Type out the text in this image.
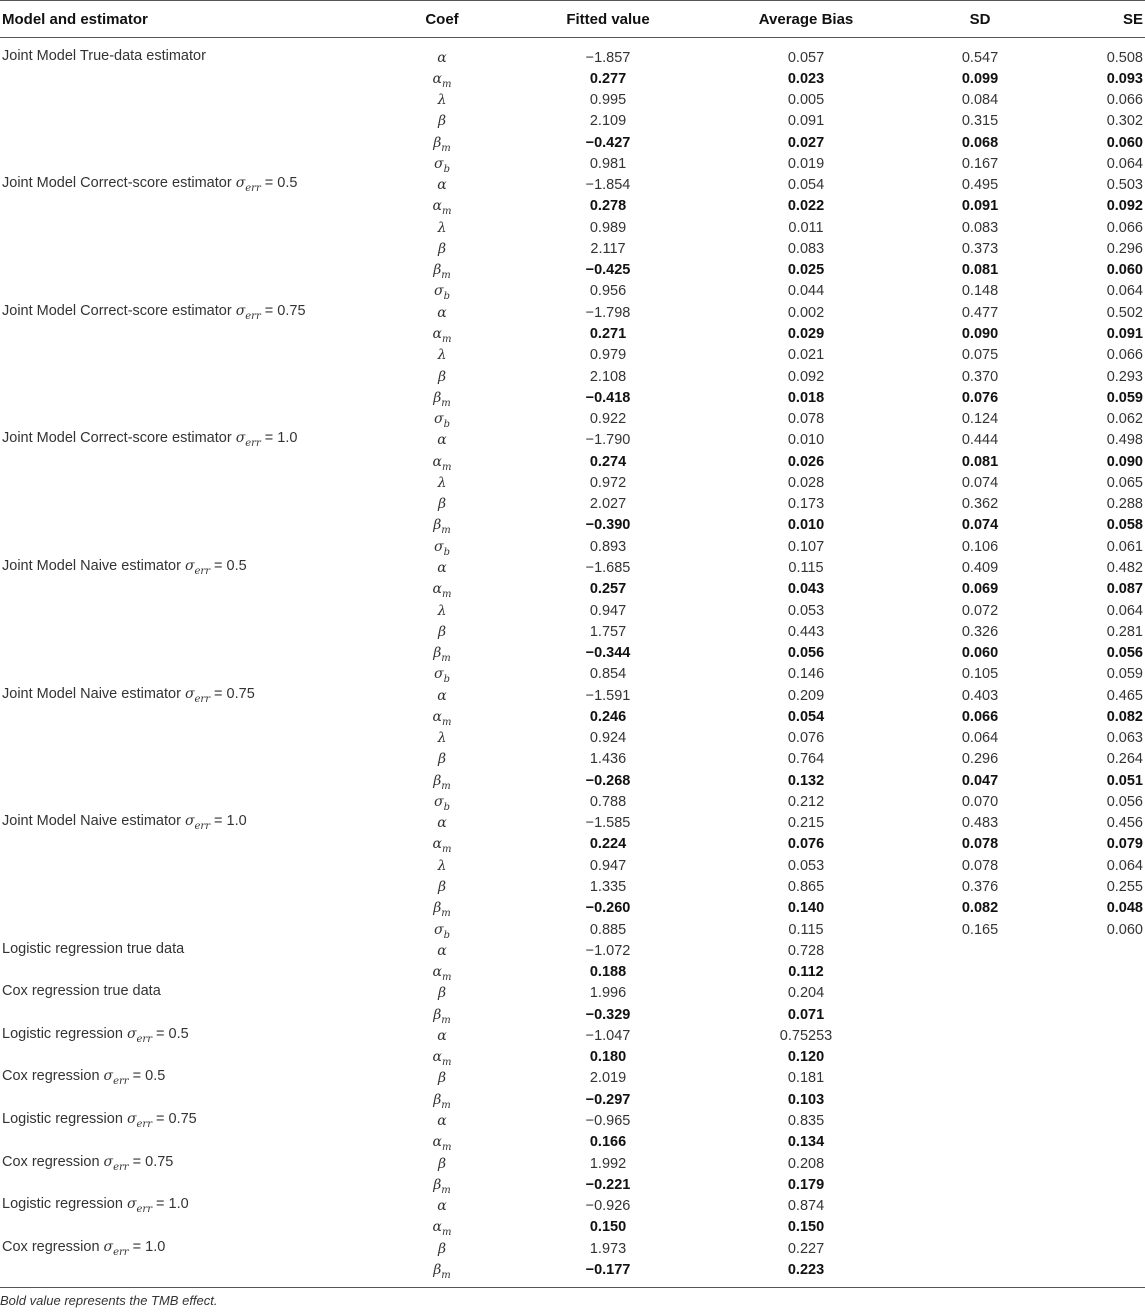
Model and estimator	Coef	Fitted value	Average Bias	SD	SE
Joint Model True-data estimator	α	−1.857	0.057	0.547	0.508
$\alpha_m$	0.277	0.023	0.099	0.093
λ	0.995	0.005	0.084	0.066
β	2.109	0.091	0.315	0.302
$\beta_m$	−0.427	0.027	0.068	0.060
$\sigma_b$	0.981	0.019	0.167	0.064
Joint Model Correct-score estimator $\sigma_{err} = 0.5$	α	−1.854	0.054	0.495	0.503
$\alpha_m$	0.278	0.022	0.091	0.092
λ	0.989	0.011	0.083	0.066
β	2.117	0.083	0.373	0.296
$\beta_m$	−0.425	0.025	0.081	0.060
$\sigma_b$	0.956	0.044	0.148	0.064
Joint Model Correct-score estimator $\sigma_{err} = 0.75$	α	−1.798	0.002	0.477	0.502
$\alpha_m$	0.271	0.029	0.090	0.091
λ	0.979	0.021	0.075	0.066
β	2.108	0.092	0.370	0.293
$\beta_m$	−0.418	0.018	0.076	0.059
$\sigma_b$	0.922	0.078	0.124	0.062
Joint Model Correct-score estimator $\sigma_{err} = 1.0$	α	−1.790	0.010	0.444	0.498
$\alpha_m$	0.274	0.026	0.081	0.090
λ	0.972	0.028	0.074	0.065
β	2.027	0.173	0.362	0.288
$\beta_m$	−0.390	0.010	0.074	0.058
$\sigma_b$	0.893	0.107	0.106	0.061
Joint Model Naive estimator $\sigma_{err} = 0.5$	α	−1.685	0.115	0.409	0.482
$\alpha_m$	0.257	0.043	0.069	0.087
λ	0.947	0.053	0.072	0.064
β	1.757	0.443	0.326	0.281
$\beta_m$	−0.344	0.056	0.060	0.056
$\sigma_b$	0.854	0.146	0.105	0.059
Joint Model Naive estimator $\sigma_{err} = 0.75$	α	−1.591	0.209	0.403	0.465
$\alpha_m$	0.246	0.054	0.066	0.082
λ	0.924	0.076	0.064	0.063
β	1.436	0.764	0.296	0.264
$\beta_m$	−0.268	0.132	0.047	0.051
$\sigma_b$	0.788	0.212	0.070	0.056
Joint Model Naive estimator $\sigma_{err} = 1.0$	α	−1.585	0.215	0.483	0.456
$\alpha_m$	0.224	0.076	0.078	0.079
λ	0.947	0.053	0.078	0.064
β	1.335	0.865	0.376	0.255
$\beta_m$	−0.260	0.140	0.082	0.048
$\sigma_b$	0.885	0.115	0.165	0.060
Logistic regression true data	α	−1.072	0.728
$\alpha_m$	0.188	0.112
Cox regression true data	β	1.996	0.204
$\beta_m$	−0.329	0.071
Logistic regression $\sigma_{err} = 0.5$	α	−1.047	0.75253
$\alpha_m$	0.180	0.120
Cox regression $\sigma_{err} = 0.5$	β	2.019	0.181
$\beta_m$	−0.297	0.103
Logistic regression $\sigma_{err} = 0.75$	α	−0.965	0.835
$\alpha_m$	0.166	0.134
Cox regression $\sigma_{err} = 0.75$	β	1.992	0.208
$\beta_m$	−0.221	0.179
Logistic regression $\sigma_{err} = 1.0$	α	−0.926	0.874
$\alpha_m$	0.150	0.150
Cox regression $\sigma_{err} = 1.0$	β	1.973	0.227
$\beta_m$	−0.177	0.223
Bold value represents the TMB effect.
